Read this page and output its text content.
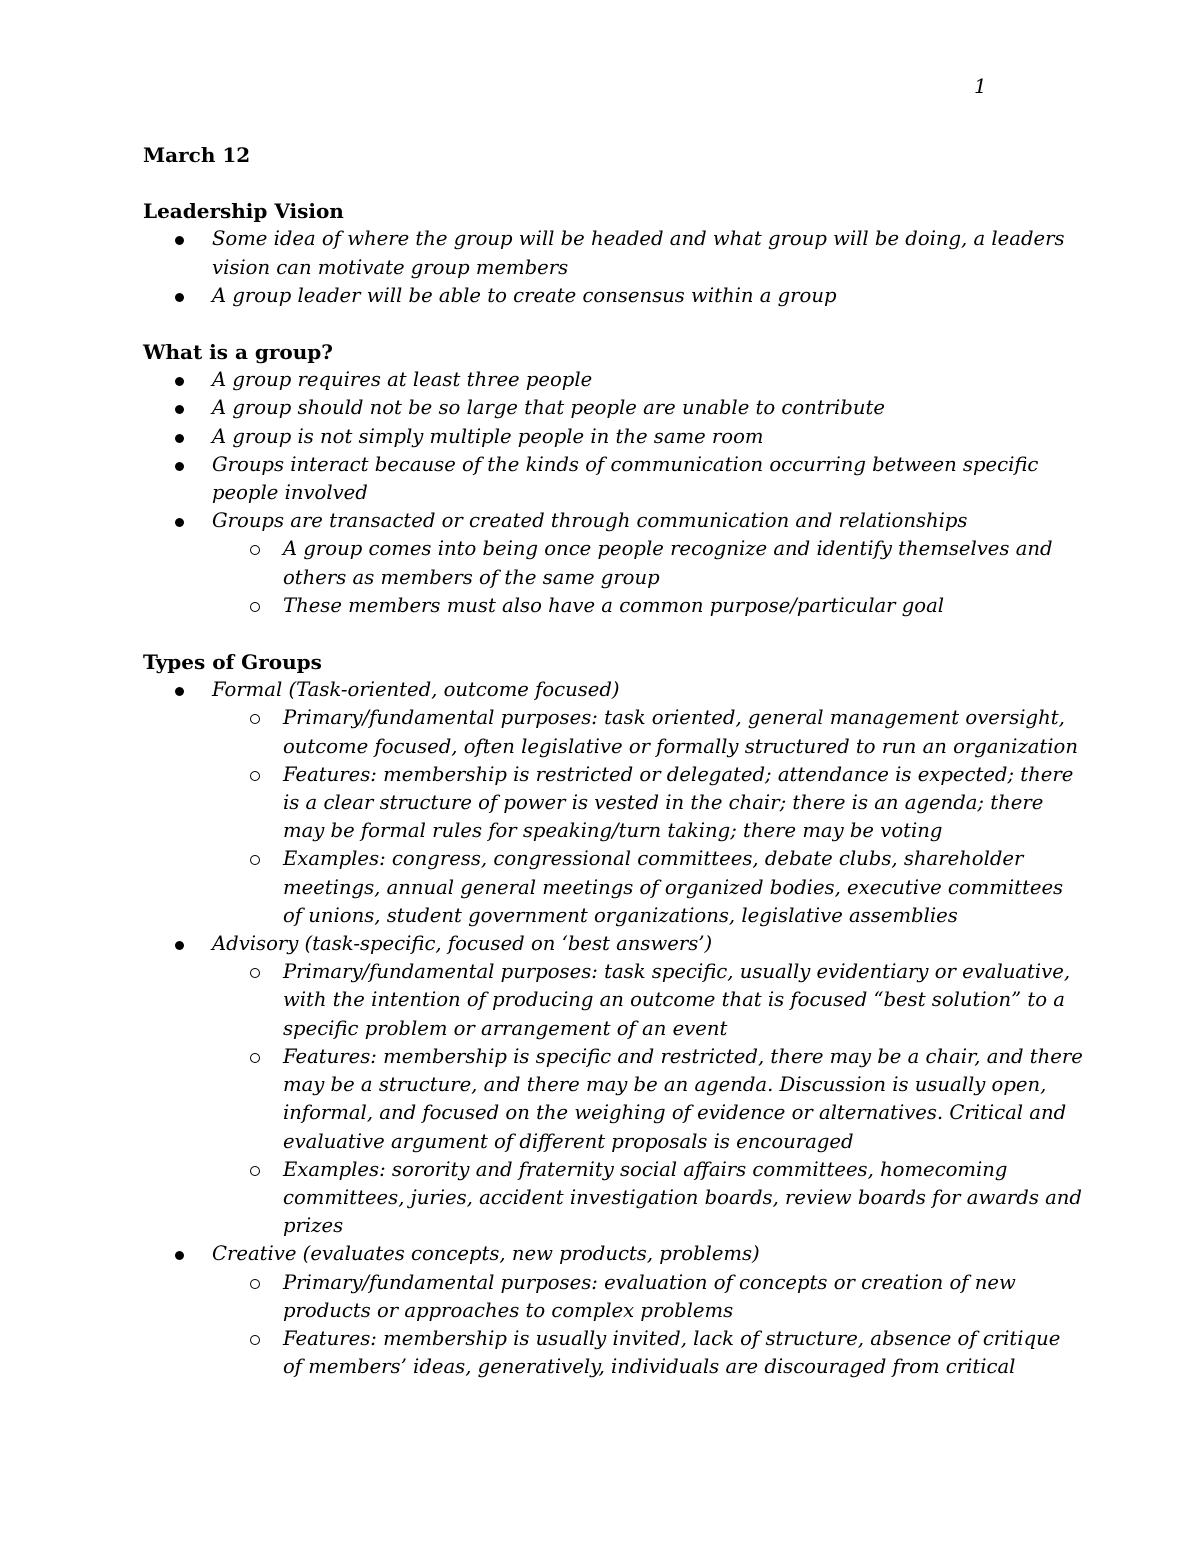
1

March 12

Leadership Vision

Some idea of where the group will be headed and what group will be doing, a leaders vision can motivate group members
A group leader will be able to create consensus within a group

What is a group?

A group requires at least three people
A group should not be so large that people are unable to contribute
A group is not simply multiple people in the same room
Groups interact because of the kinds of communication occurring between specific people involved
Groups are transacted or created through communication and relationships
A group comes into being once people recognize and identify themselves and others as members of the same group
These members must also have a common purpose/particular goal

Types of Groups

Formal (Task-oriented, outcome focused)
Primary/fundamental purposes: task oriented, general management oversight, outcome focused, often legislative or formally structured to run an organization
Features: membership is restricted or delegated; attendance is expected; there is a clear structure of power is vested in the chair; there is an agenda; there may be formal rules for speaking/turn taking; there may be voting
Examples: congress, congressional committees, debate clubs, shareholder meetings, annual general meetings of organized bodies, executive committees of unions, student government organizations, legislative assemblies
Advisory (task-specific, focused on ‘best answers’)
Primary/fundamental purposes: task specific, usually evidentiary or evaluative, with the intention of producing an outcome that is focused “best solution” to a specific problem or arrangement of an event
Features: membership is specific and restricted, there may be a chair, and there may be a structure, and there may be an agenda. Discussion is usually open, informal, and focused on the weighing of evidence or alternatives. Critical and evaluative argument of different proposals is encouraged
Examples: sorority and fraternity social affairs committees, homecoming committees, juries, accident investigation boards, review boards for awards and prizes
Creative (evaluates concepts, new products, problems)
Primary/fundamental purposes: evaluation of concepts or creation of new products or approaches to complex problems
Features: membership is usually invited, lack of structure, absence of critique of members’ ideas, generatively, individuals are discouraged from critical
